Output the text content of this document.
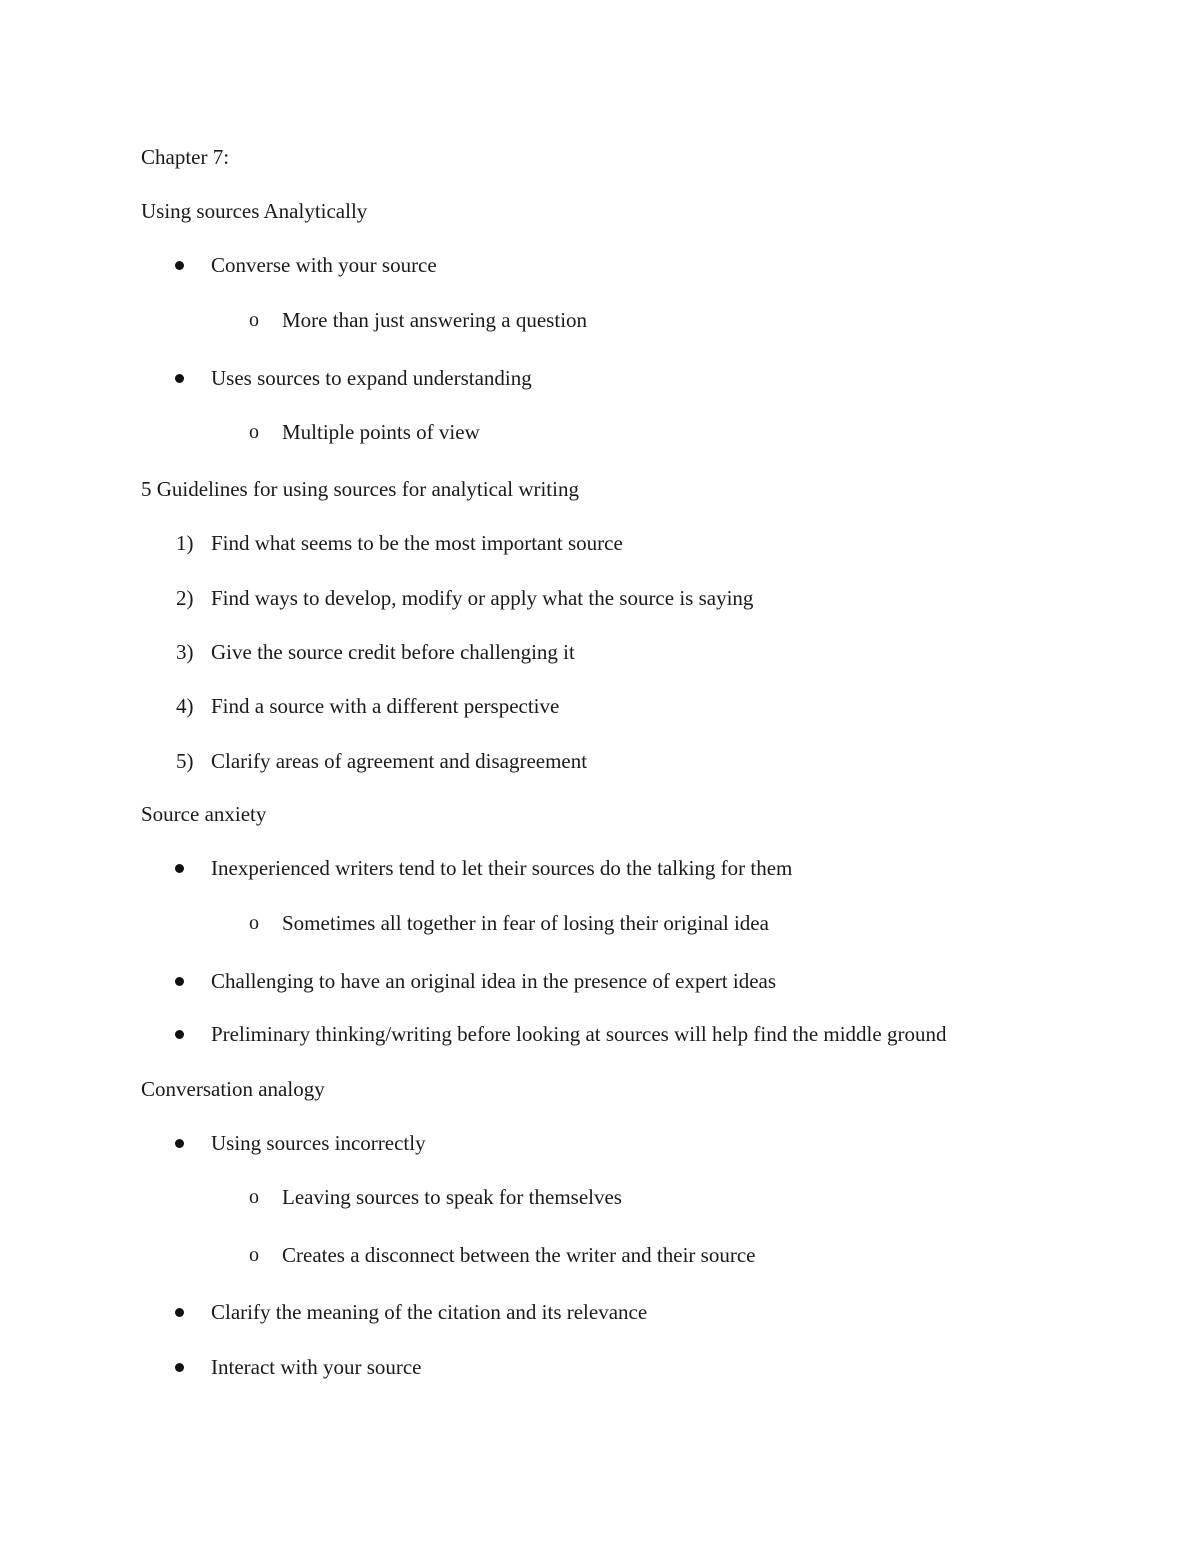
Chapter 7:
Using sources Analytically
Converse with your source
o More than just answering a question
Uses sources to expand understanding
o Multiple points of view
5 Guidelines for using sources for analytical writing
1) Find what seems to be the most important source
2) Find ways to develop, modify or apply what the source is saying
3) Give the source credit before challenging it
4) Find a source with a different perspective
5) Clarify areas of agreement and disagreement
Source anxiety
Inexperienced writers tend to let their sources do the talking for them
o Sometimes all together in fear of losing their original idea
Challenging to have an original idea in the presence of expert ideas
Preliminary thinking/writing before looking at sources will help find the middle ground
Conversation analogy
Using sources incorrectly
o Leaving sources to speak for themselves
o Creates a disconnect between the writer and their source
Clarify the meaning of the citation and its relevance
Interact with your source
